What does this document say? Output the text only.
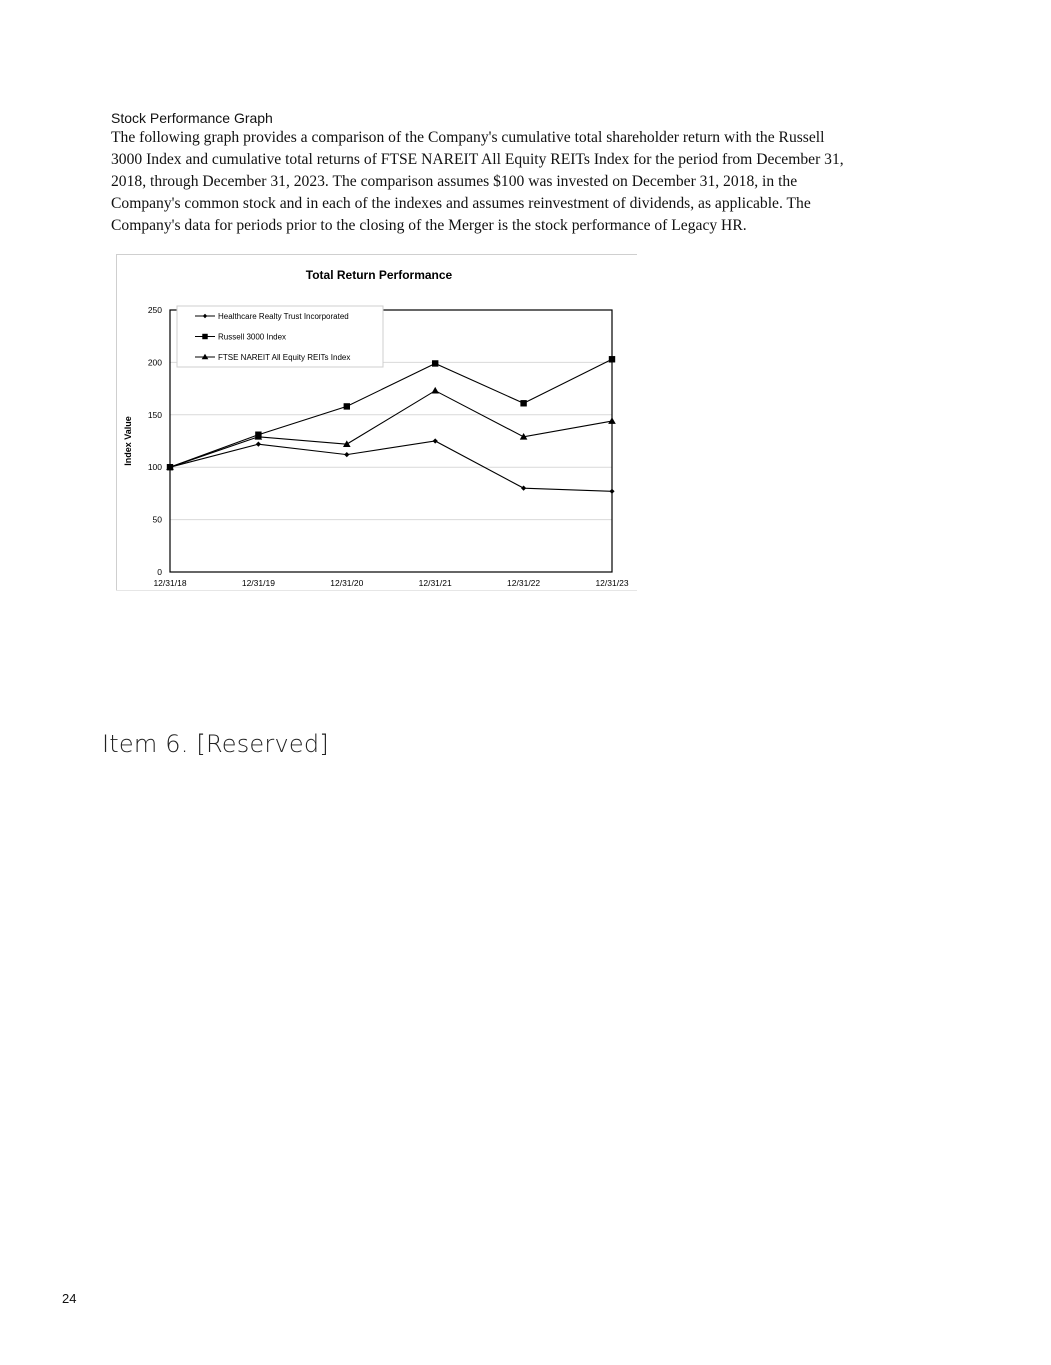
Stock Performance Graph
The following graph provides a comparison of the Company's cumulative total shareholder return with the Russell
3000 Index and cumulative total returns of FTSE NAREIT All Equity REITs Index for the period from December 31,
2018, through December 31, 2023. The comparison assumes $100 was invested on December 31, 2018, in the
Company's common stock and in each of the indexes and assumes reinvestment of dividends, as applicable. The
Company's data for periods prior to the closing of the Merger is the stock performance of Legacy HR.
Total Return Performance
0
50
100
150
200
250
12/31/18	12/31/19	12/31/20	12/31/21	12/31/22	12/31/23
Index Value
Healthcare Realty Trust Incorporated
Russell 3000 Index
FTSE NAREIT All Equity REITs Index
Item 6. [Reserved]
24
